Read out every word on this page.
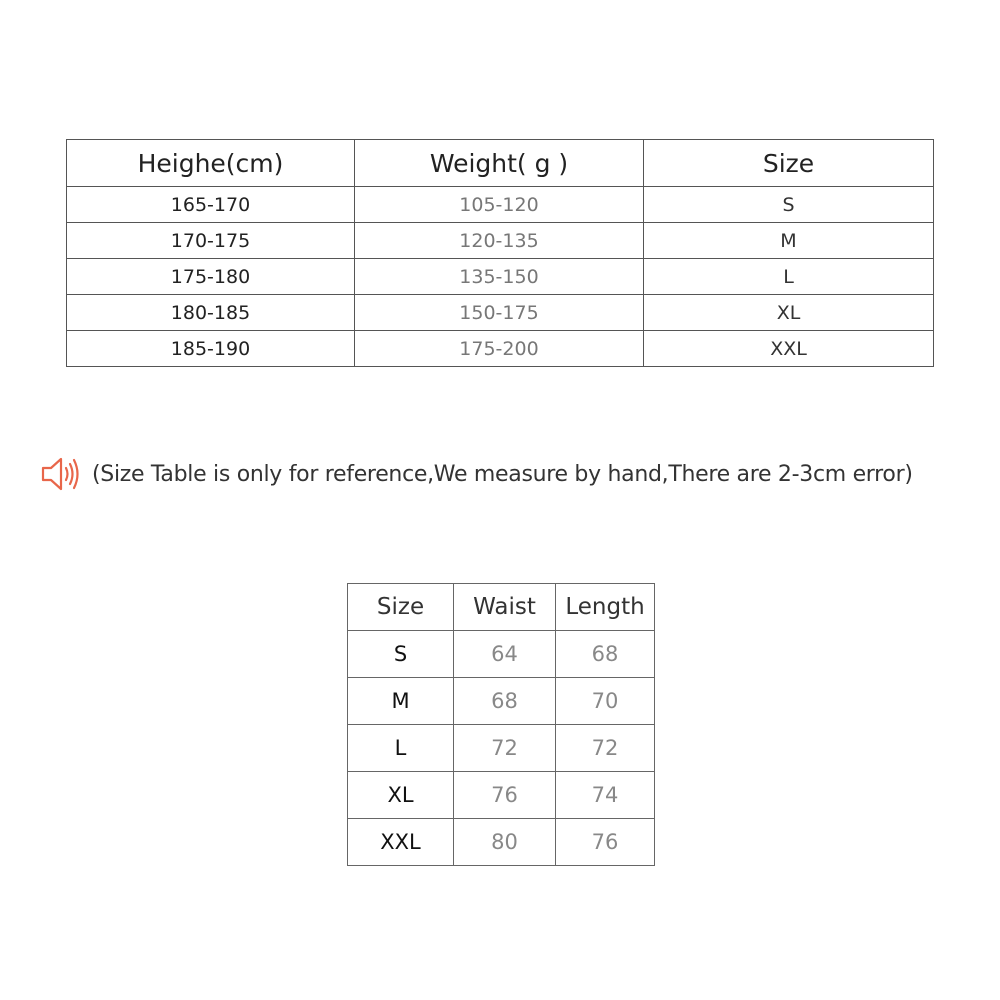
Heighe(cm)	Weight( g )	Size
165-170	105-120	S
170-175	120-135	M
175-180	135-150	L
180-185	150-175	XL
185-190	175-200	XXL
(Size Table is only for reference,We measure by hand,There are 2-3cm error)
Size	Waist	Length
S	64	68
M	68	70
L	72	72
XL	76	74
XXL	80	76
